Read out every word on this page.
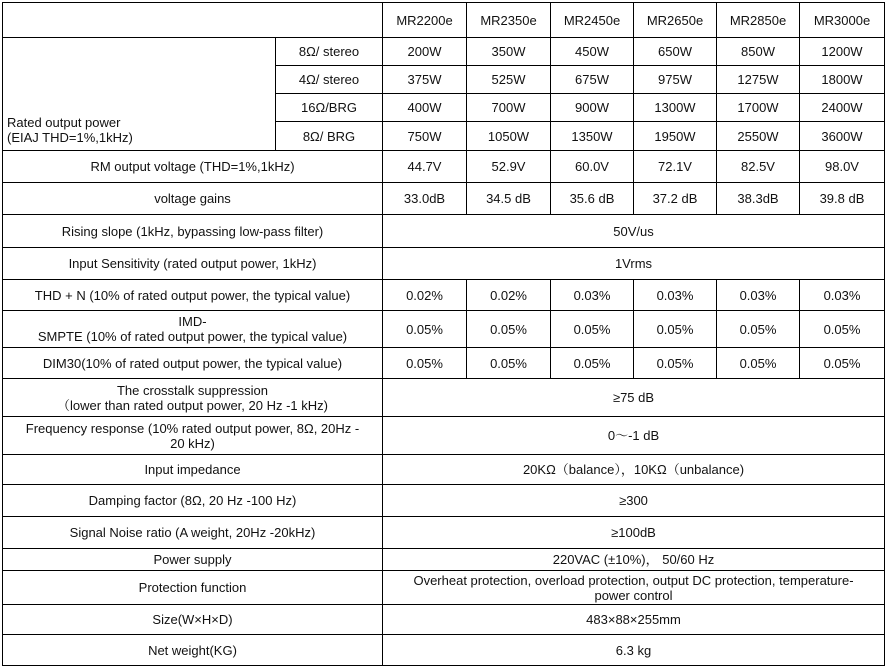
		MR2200e	MR2350e	MR2450e	MR2650e	MR2850e	MR3000e

Rated output power
(EIAJ THD=1%,1kHz)	8Ω/ stereo	200W	350W	450W	650W	850W	1200W
	4Ω/ stereo	375W	525W	675W	975W	1275W	1800W
	16Ω/BRG	400W	700W	900W	1300W	1700W	2400W
	8Ω/ BRG	750W	1050W	1350W	1950W	2550W	3600W
RM output voltage (THD=1%,1kHz)		44.7V	52.9V	60.0V	72.1V	82.5V	98.0V
voltage gains		33.0dB	34.5 dB	35.6 dB	37.2 dB	38.3dB	39.8 dB
Rising slope (1kHz, bypassing low-pass filter)		50V/us					
Input Sensitivity (rated output power, 1kHz)		1Vrms					
THD + N (10% of rated output power, the typical value)		0.02%	0.02%	0.03%	0.03%	0.03%	0.03%

IMD-
SMPTE (10% of rated output power, the typical value)		0.05%	0.05%	0.05%	0.05%	0.05%	0.05%
DIM30(10% of rated output power, the typical value)		0.05%	0.05%	0.05%	0.05%	0.05%	0.05%

The crosstalk suppression
（lower than rated output power, 20 Hz -1 kHz)		≥75 dB					

Frequency response (10% rated output power, 8Ω, 20Hz -
20 kHz)		0～-1 dB					
Input impedance		20KΩ（balance），10KΩ（unbalance)					
Damping factor (8Ω, 20 Hz -100 Hz)		≥300					
Signal Noise ratio (A weight, 20Hz -20kHz)		≥100dB					
Power supply		220VAC (±10%)， 50/60 Hz					
Protection function		Overheat protection, overload protection, output DC protection, temperature-
power control					

Size(W×H×D)		483×88×255mm					
Net weight(KG)		6.3 kg					
